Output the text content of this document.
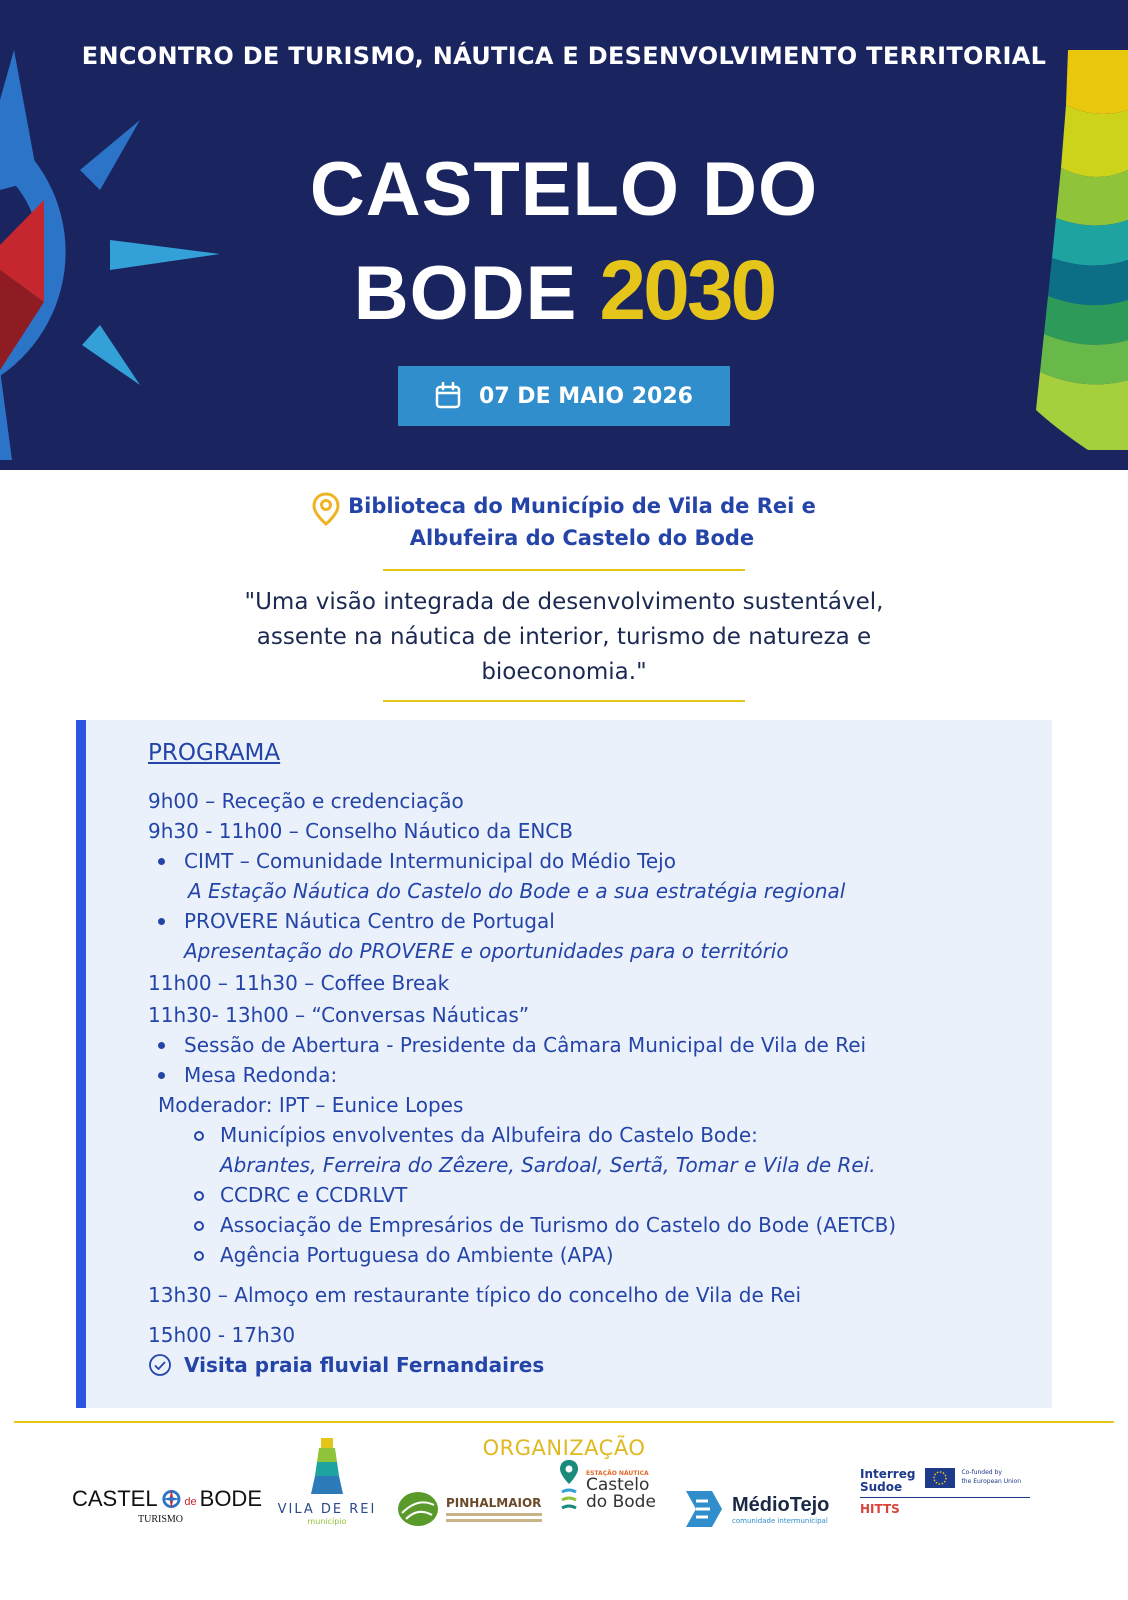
ENCONTRO DE TURISMO, NÁUTICA E DESENVOLVIMENTO TERRITORIAL
CASTELO DO
BODE 2030
07 DE MAIO 2026
Biblioteca do Município de Vila de Rei e
Albufeira do Castelo do Bode
"Uma visão integrada de desenvolvimento sustentável,
assente na náutica de interior, turismo de natureza e
bioeconomia."
PROGRAMA
9h00 – Receção e credenciação
9h30 - 11h00 – Conselho Náutico da ENCB
CIMT – Comunidade Intermunicipal do Médio Tejo
A Estação Náutica do Castelo do Bode e a sua estratégia regional
PROVERE Náutica Centro de Portugal
Apresentação do PROVERE e oportunidades para o território
11h00 – 11h30 – Coffee Break
11h30- 13h00 – “Conversas Náuticas”
Sessão de Abertura - Presidente da Câmara Municipal de Vila de Rei
Mesa Redonda:
Moderador: IPT – Eunice Lopes
Municípios envolventes da Albufeira do Castelo Bode:
Abrantes, Ferreira do Zêzere, Sardoal, Sertã, Tomar e Vila de Rei.
CCDRC e CCDRLVT
Associação de Empresários de Turismo do Castelo do Bode (AETCB)
Agência Portuguesa do Ambiente (APA)
13h30 – Almoço em restaurante típico do concelho de Vila de Rei
15h00 - 17h30
Visita praia fluvial Fernandaires
ORGANIZAÇÃO
CASTEL de BODE
TURISMO
VILA DE REI
município
PINHALMAIOR
ESTAÇÃO NÁUTICA
Castelo
do Bode	MédioTejo
comunidade intermunicipal
Interreg
Sudoe
Co-funded by
the European Union
HITTS
